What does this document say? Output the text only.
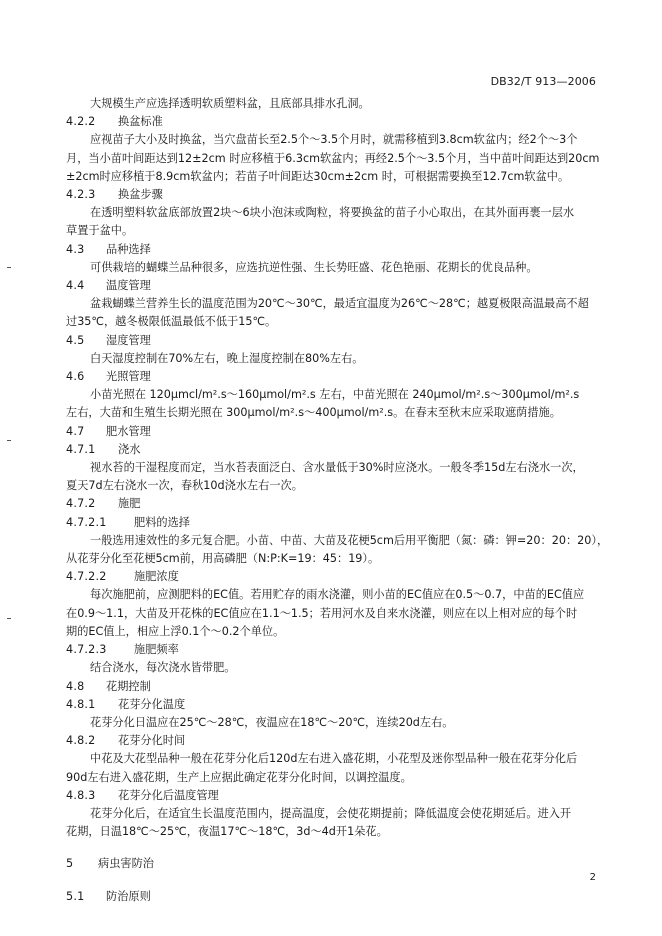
DB32/T 913—2006
大规模生产应选择透明软质塑料盆，且底部具排水孔洞。
4.2.2	换盆标准
应视苗子大小及时换盆，当穴盘苗长至2.5个～3.5个月时，就需移植到3.8cm软盆内；经2个～3个
月，当小苗叶间距达到12±2cm 时应移植于6.3cm软盆内；再经2.5个～3.5个月，当中苗叶间距达到20cm
±2cm时应移植于8.9cm软盆内；若苗子叶间距达30cm±2cm 时，可根据需要换至12.7cm软盆中。
4.2.3	换盆步骤
在透明塑料软盆底部放置2块～6块小泡沫或陶粒，将要换盆的苗子小心取出，在其外面再裹一层水
草置于盆中。
4.3	品种选择
可供栽培的蝴蝶兰品种很多，应选抗逆性强、生长势旺盛、花色艳丽、花期长的优良品种。
4.4	温度管理
盆栽蝴蝶兰营养生长的温度范围为20℃～30℃，最适宜温度为26℃～28℃；越夏极限高温最高不超
过35℃，越冬极限低温最低不低于15℃。
4.5	湿度管理
白天湿度控制在70%左右，晚上湿度控制在80%左右。
4.6	光照管理
小苗光照在 120μmcl/m².s～160μmol/m².s 左右，中苗光照在 240μmol/m².s～300μmol/m².s
左右，大苗和生殖生长期光照在 300μmol/m².s～400μmol/m².s。在春末至秋末应采取遮荫措施。
4.7	肥水管理
4.7.1	浇水
视水苔的干湿程度而定，当水苔表面泛白、含水量低于30%时应浇水。一般冬季15d左右浇水一次，
夏天7d左右浇水一次，春秋10d浇水左右一次。
4.7.2	施肥
4.7.2.1	肥料的选择
一般选用速效性的多元复合肥。小苗、中苗、大苗及花梗5cm后用平衡肥（氮：磷：钾=20：20：20），
从花芽分化至花梗5cm前，用高磷肥（N:P:K=19：45：19）。
4.7.2.2	施肥浓度
每次施肥前，应测肥料的EC值。若用贮存的雨水浇灌，则小苗的EC值应在0.5～0.7，中苗的EC值应
在0.9～1.1，大苗及开花株的EC值应在1.1～1.5；若用河水及自来水浇灌，则应在以上相对应的每个时
期的EC值上，相应上浮0.1个～0.2个单位。
4.7.2.3	施肥频率
结合浇水，每次浇水皆带肥。
4.8	花期控制
4.8.1	花芽分化温度
花芽分化日温应在25℃～28℃，夜温应在18℃～20℃，连续20d左右。
4.8.2	花芽分化时间
中花及大花型品种一般在花芽分化后120d左右进入盛花期，小花型及迷你型品种一般在花芽分化后
90d左右进入盛花期，生产上应据此确定花芽分化时间，以调控温度。
4.8.3	花芽分化后温度管理
花芽分化后，在适宜生长温度范围内，提高温度，会使花期提前；降低温度会使花期延后。进入开
花期，日温18℃～25℃，夜温17℃～18℃，3d～4d开1朵花。
5	病虫害防治
5.1	防治原则
2
